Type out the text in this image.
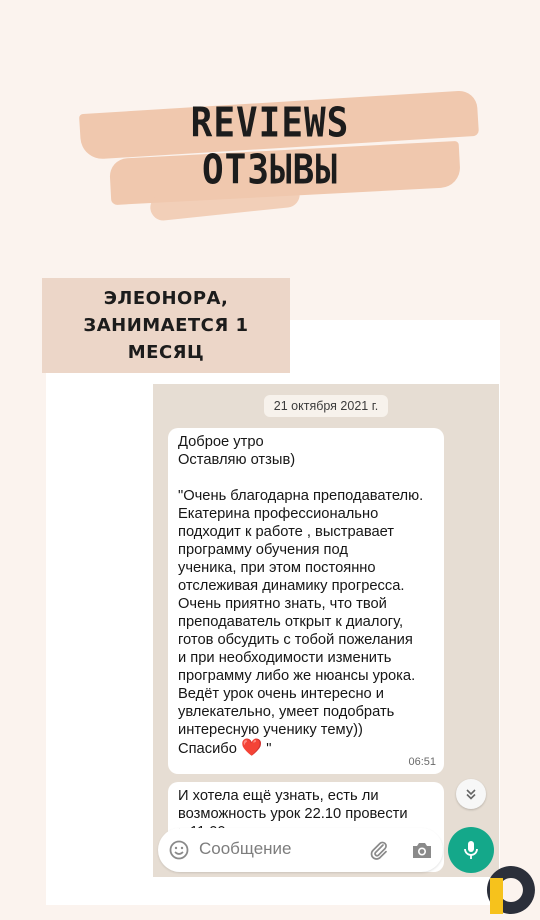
REVIEWS
ОТЗЫВЫ
ЭЛЕОНОРА,
ЗАНИМАЕТСЯ 1
МЕСЯЦ
21 октября 2021 г.
Доброе утро
Оставляю отзыв)

"Очень благодарна преподавателю.
Екатерина профессионально
подходит к работе , выстравает
программу обучения под
ученика, при этом постоянно
отслеживая динамику прогресса.
Очень приятно знать, что твой
преподаватель открыт к диалогу,
готов обсудить с тобой пожелания
и при необходимости изменить
программу либо же нюансы урока.
Ведёт урок очень интересно и
увлекательно, умеет подобрать
интересную ученику тему))
Спасибо ❤️ "
06:51
И хотела ещё узнать, есть ли
возможность урок 22.10 провести

Сообщение
